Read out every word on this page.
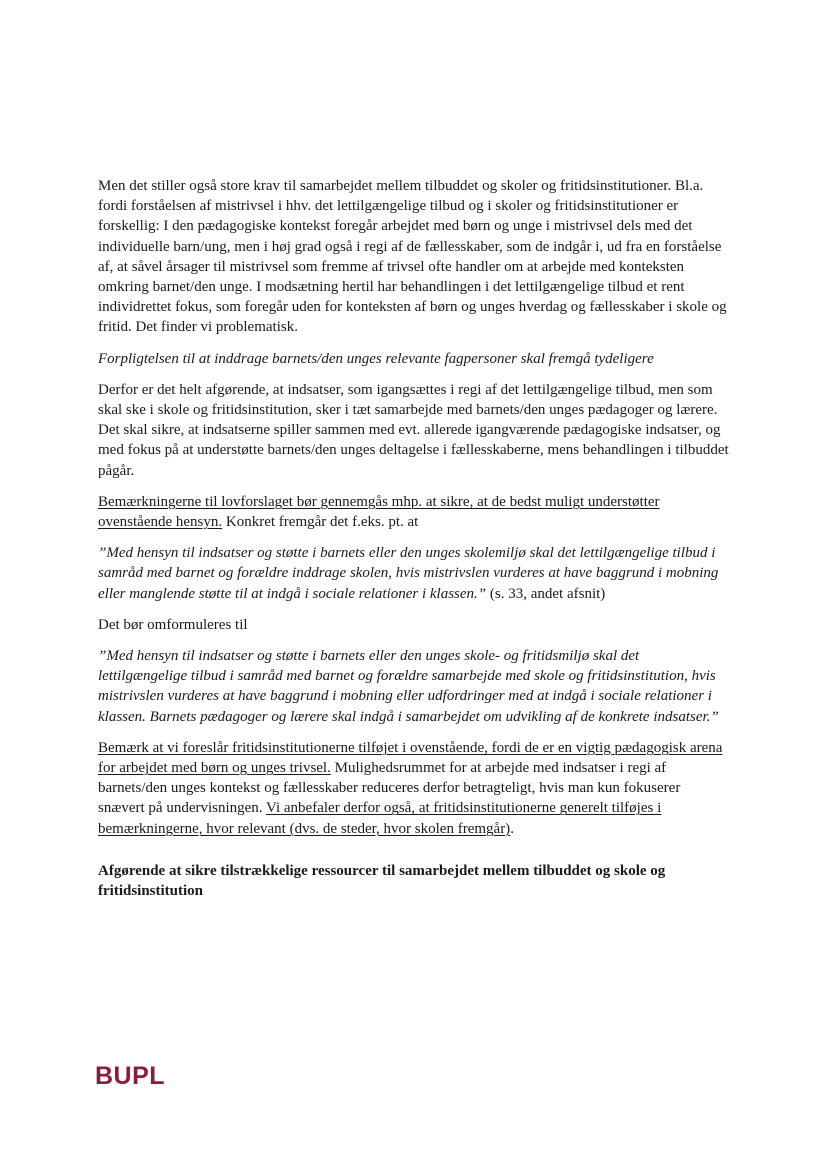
Men det stiller også store krav til samarbejdet mellem tilbuddet og skoler og fritidsinstitutioner. Bl.a. fordi forståelsen af mistrivsel i hhv. det lettilgængelige tilbud og i skoler og fritidsinstitutioner er forskellig: I den pædagogiske kontekst foregår arbejdet med børn og unge i mistrivsel dels med det individuelle barn/ung, men i høj grad også i regi af de fællesskaber, som de indgår i, ud fra en forståelse af, at såvel årsager til mistrivsel som fremme af trivsel ofte handler om at arbejde med konteksten omkring barnet/den unge. I modsætning hertil har behandlingen i det lettilgængelige tilbud et rent individrettet fokus, som foregår uden for konteksten af børn og unges hverdag og fællesskaber i skole og fritid. Det finder vi problematisk.

Forpligtelsen til at inddrage barnets/den unges relevante fagpersoner skal fremgå tydeligere

Derfor er det helt afgørende, at indsatser, som igangsættes i regi af det lettilgængelige tilbud, men som skal ske i skole og fritidsinstitution, sker i tæt samarbejde med barnets/den unges pædagoger og lærere. Det skal sikre, at indsatserne spiller sammen med evt. allerede igangværende pædagogiske indsatser, og med fokus på at understøtte barnets/den unges deltagelse i fællesskaberne, mens behandlingen i tilbuddet pågår.

Bemærkningerne til lovforslaget bør gennemgås mhp. at sikre, at de bedst muligt understøtter ovenstående hensyn. Konkret fremgår det f.eks. pt. at

”Med hensyn til indsatser og støtte i barnets eller den unges skolemiljø skal det lettilgængelige tilbud i samråd med barnet og forældre inddrage skolen, hvis mistrivslen vurderes at have baggrund i mobning eller manglende støtte til at indgå i sociale relationer i klassen.” (s. 33, andet afsnit)

Det bør omformuleres til

”Med hensyn til indsatser og støtte i barnets eller den unges skole- og fritidsmiljø skal det lettilgængelige tilbud i samråd med barnet og forældre samarbejde med skole og fritidsinstitution, hvis mistrivslen vurderes at have baggrund i mobning eller udfordringer med at indgå i sociale relationer i klassen. Barnets pædagoger og lærere skal indgå i samarbejdet om udvikling af de konkrete indsatser.”

Bemærk at vi foreslår fritidsinstitutionerne tilføjet i ovenstående, fordi de er en vigtig pædagogisk arena for arbejdet med børn og unges trivsel. Mulighedsrummet for at arbejde med indsatser i regi af barnets/den unges kontekst og fællesskaber reduceres derfor betragteligt, hvis man kun fokuserer snævert på undervisningen. Vi anbefaler derfor også, at fritidsinstitutionerne generelt tilføjes i bemærkningerne, hvor relevant (dvs. de steder, hvor skolen fremgår).

Afgørende at sikre tilstrækkelige ressourcer til samarbejdet mellem tilbuddet og skole og fritidsinstitution

BUPL
